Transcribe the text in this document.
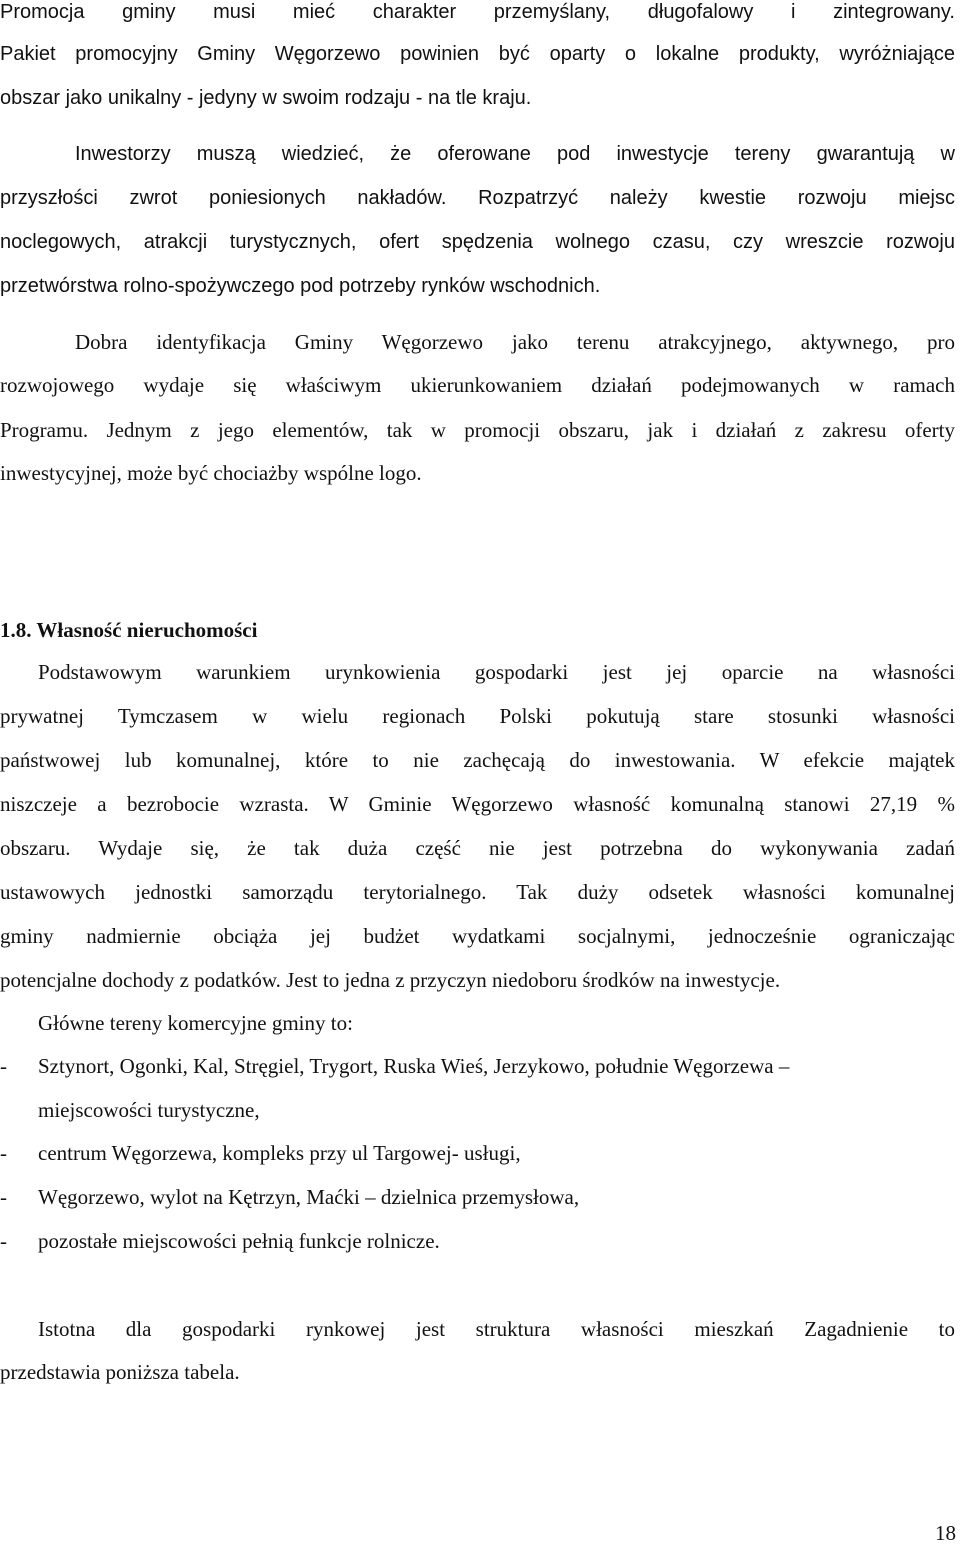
Promocja gminy musi mieć charakter przemyślany, długofalowy i zintegrowany.

Pakiet promocyjny Gminy Węgorzewo powinien być oparty o lokalne produkty, wyróżniające

obszar jako unikalny - jedyny w swoim rodzaju - na tle kraju.

Inwestorzy muszą wiedzieć, że oferowane pod inwestycje tereny gwarantują w

przyszłości zwrot poniesionych nakładów. Rozpatrzyć należy kwestie rozwoju miejsc

noclegowych, atrakcji turystycznych, ofert spędzenia wolnego czasu, czy wreszcie rozwoju

przetwórstwa rolno-spożywczego pod potrzeby rynków wschodnich.

Dobra identyfikacja Gminy Węgorzewo jako terenu atrakcyjnego, aktywnego, pro

rozwojowego wydaje się właściwym ukierunkowaniem działań podejmowanych w ramach

Programu. Jednym z jego elementów, tak w promocji obszaru, jak i działań z zakresu oferty

inwestycyjnej, może być chociażby wspólne logo.

1.8. Własność nieruchomości

Podstawowym warunkiem urynkowienia gospodarki jest jej oparcie na własności

prywatnej Tymczasem w wielu regionach Polski pokutują stare stosunki własności

państwowej lub komunalnej, które to nie zachęcają do inwestowania. W efekcie majątek

niszczeje a bezrobocie wzrasta. W Gminie Węgorzewo własność komunalną stanowi 27,19 %

obszaru. Wydaje się, że tak duża część nie jest potrzebna do wykonywania zadań

ustawowych jednostki samorządu terytorialnego. Tak duży odsetek własności komunalnej

gminy nadmiernie obciąża jej budżet wydatkami socjalnymi, jednocześnie ograniczając

potencjalne dochody z podatków. Jest to jedna z przyczyn niedoboru środków na inwestycje.

Główne tereny komercyjne gminy to:

- Sztynort, Ogonki, Kal, Stręgiel, Trygort, Ruska Wieś, Jerzykowo, południe Węgorzewa –
miejscowości turystyczne,
- centrum Węgorzewa, kompleks przy ul Targowej- usługi,
- Węgorzewo, wylot na Kętrzyn, Maćki – dzielnica przemysłowa,
- pozostałe miejscowości pełnią funkcje rolnicze.

Istotna dla gospodarki rynkowej jest struktura własności mieszkań Zagadnienie to

przedstawia poniższa tabela.

18
